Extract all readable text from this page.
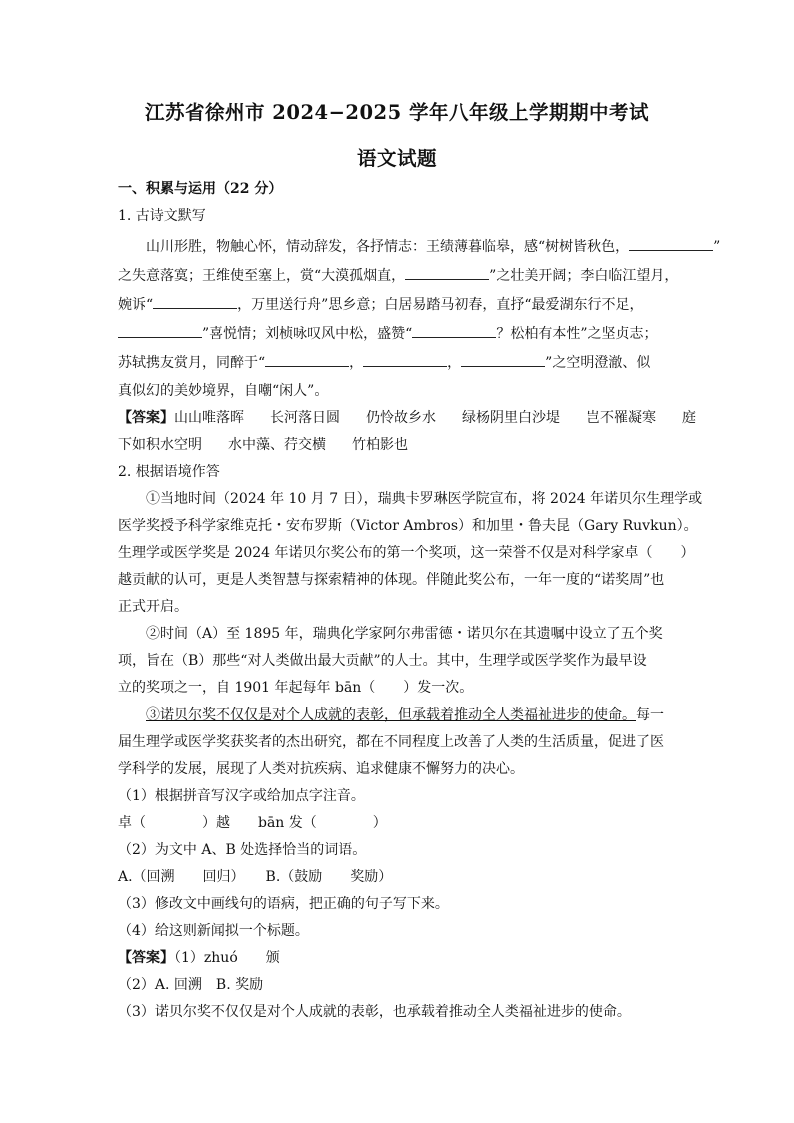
江苏省徐州市 2024−2025 学年八年级上学期期中考试
语文试题
一、积累与运用（22 分）
1. 古诗文默写
山川形胜，物触心怀，情动辞发，各抒情志：王绩薄暮临皋，感“树树皆秋色，	”
之失意落寞；王维使至塞上，赏“大漠孤烟直，	”之壮美开阔；李白临江望月，
婉诉“	，万里送行舟”思乡意；白居易踏马初春，直抒“最爱湖东行不足，
”喜悦情；刘桢咏叹风中松，盛赞“	？松柏有本性”之坚贞志；
苏轼携友赏月，同醉于“	，	，	”之空明澄澈、似
真似幻的美妙境界，自嘲“闲人”。
【答案】山山唯落晖 长河落日圆 仍怜故乡水 绿杨阴里白沙堤 岂不罹凝寒 庭
下如积水空明 水中藻、荇交横 竹柏影也
2. 根据语境作答
①当地时间（2024 年 10 月 7 日），瑞典卡罗琳医学院宣布，将 2024 年诺贝尔生理学或
医学奖授予科学家维克托・安布罗斯（Victor Ambros）和加里・鲁夫昆（Gary Ruvkun）。
生理学或医学奖是 2024 年诺贝尔奖公布的第一个奖项，这一荣誉不仅是对科学家卓（　　）
越贡献的认可，更是人类智慧与探索精神的体现。伴随此奖公布，一年一度的“诺奖周”也
正式开启。
②时间（A）至 1895 年，瑞典化学家阿尔弗雷德・诺贝尔在其遗嘱中设立了五个奖
项，旨在（B）那些“对人类做出最大贡献”的人士。其中，生理学或医学奖作为最早设
立的奖项之一，自 1901 年起每年 bān（　　）发一次。
③诺贝尔奖不仅仅是对个人成就的表彰，但承载着推动全人类福祉进步的使命。每一
届生理学或医学奖获奖者的杰出研究，都在不同程度上改善了人类的生活质量，促进了医
学科学的发展，展现了人类对抗疾病、追求健康不懈努力的决心。
（1）根据拼音写汉字或给加点字注音。
卓（　　　　）越　　bān 发（　　　　）
（2）为文中 A、B 处选择恰当的词语。
A.（回溯　　回归）　　B.（鼓励　　奖励）
（3）修改文中画线句的语病，把正确的句子写下来。
（4）给这则新闻拟一个标题。
【答案】（1）zhuó　　颁
（2）A. 回溯　B. 奖励
（3）诺贝尔奖不仅仅是对个人成就的表彰，也承载着推动全人类福祉进步的使命。
